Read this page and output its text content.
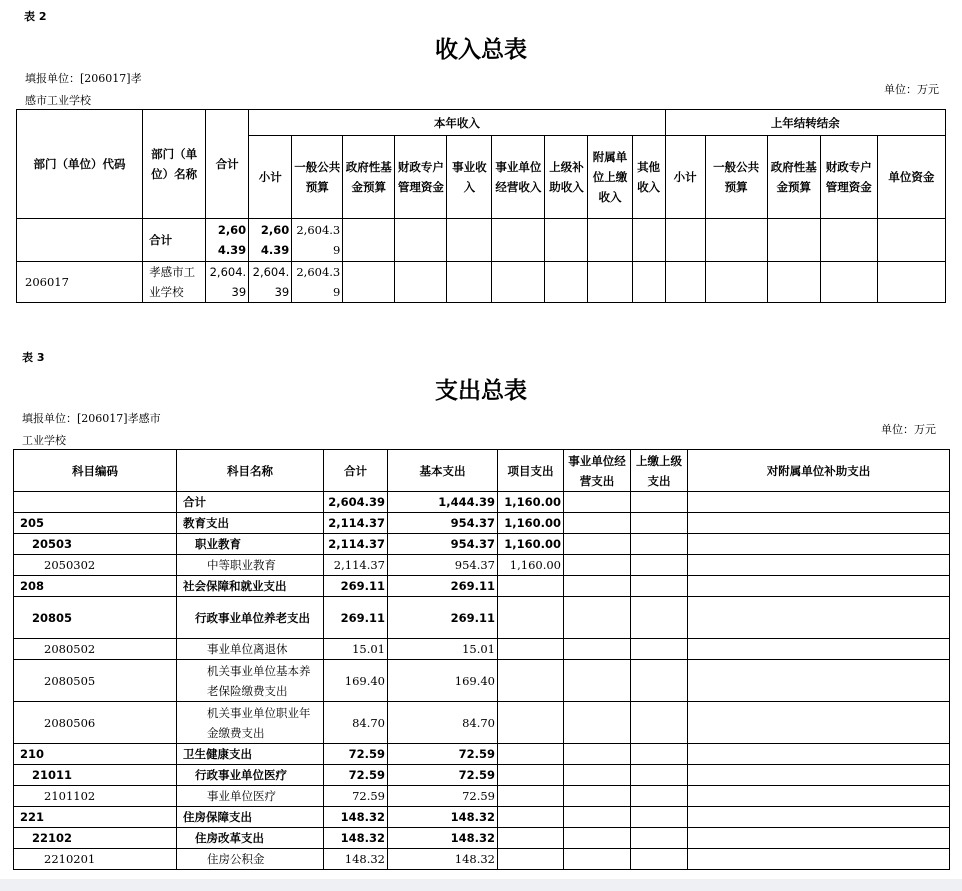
表 2
收入总表
填报单位：[206017]孝
感市工业学校
单位：万元
部门（单位）代码	部门（单位）名称	合计	本年收入									上年结转结余				
			小计	一般公共预算	政府性基金预算	财政专户管理资金	事业收入	事业单位经营收入	上级补助收入	附属单位上缴收入	其他收入	小计	一般公共预算	政府性基金预算	财政专户管理资金	单位资金
	合计	2,604.39	2,604.39	2,604.39												
206017	孝感市工业学校	2,604.39	2,604.39	2,604.39												
表 3
支出总表
填报单位：[206017]孝感市
工业学校
单位：万元
科目编码	科目名称	合计	基本支出	项目支出	事业单位经营支出	上缴上级支出	对附属单位补助支出
	合计	2,604.39	1,444.39	1,160.00			
205	教育支出	2,114.37	954.37	1,160.00			
20503	职业教育	2,114.37	954.37	1,160.00			
2050302	中等职业教育	2,114.37	954.37	1,160.00			
208	社会保障和就业支出	269.11	269.11				
20805	行政事业单位养老支出	269.11	269.11				
2080502	事业单位离退休	15.01	15.01				
2080505	机关事业单位基本养老保险缴费支出	169.40	169.40				
2080506	机关事业单位职业年金缴费支出	84.70	84.70				
210	卫生健康支出	72.59	72.59				
21011	行政事业单位医疗	72.59	72.59				
2101102	事业单位医疗	72.59	72.59				
221	住房保障支出	148.32	148.32				
22102	住房改革支出	148.32	148.32				
2210201	住房公积金	148.32	148.32				
